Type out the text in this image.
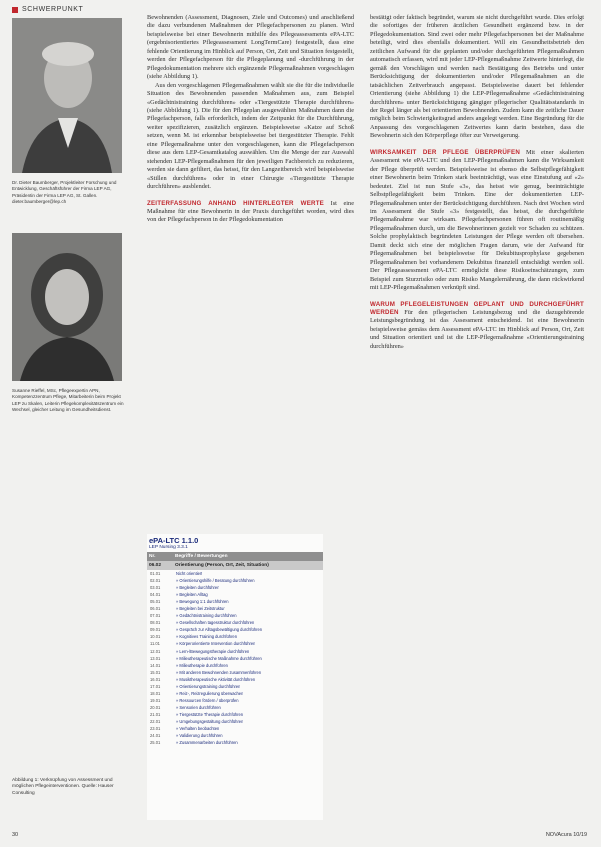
SCHWERPUNKT
Dr. Dieter Baumberger, Projektleiter Forschung und Entwicklung, Geschäftsführer der Firma LEP AG, Präsidentin der Firma LEP AG, St. Gallen. dieter.baumberger@lep.ch
Susanne Rieffel, MSc, Pflegeexpertin APN, Kompetenzzentrum Pflege, Mitarbeiterin beim Projekt LEP zu Skalen, Leiterin Pflegekomplexitätszentrum ein Wechsel, gleicher Leitung im Gesundheitsdienst.

Bewohnenden (Assessment, Diagnosen, Ziele und Outcomes) und anschließend die dazu verbundenen Maßnahmen der Pflegefachpersonen zu planen. Wird beispielsweise bei einer Bewohnerin mithilfe des Pflegeassessments ePA-LTC (ergebnisorientiertes Pflegeassessment LongTermCare) festgestellt, dass eine fehlende Orientierung im Hinblick auf Person, Ort, Zeit und Situation festgestellt, werden der Pflegefachperson für die Pflegeplanung und -durchführung in der Pflegedokumentation mehrere sich ergänzende Pflegemaßnahmen vorgeschlagen (siehe Abbildung 1).

Aus den vorgeschlagenen Pflegemaßnahmen wählt sie die für die individuelle Situation des Bewohnenden passenden Maßnahmen aus, zum Beispiel «Gedächtnistraining durchführen» oder «Tiergestützte Therapie durchführen» (siehe Abbildung 1). Die für den Pflegeplan ausgewählten Maßnahmen dann die Pflegefachperson, falls erforderlich, indem der Zeitpunkt für die Durchführung, weiter spezifizieren, zusätzlich ergänzen. Beispielsweise «Katze auf Schoß setzen, wenn M. ist erkennbar beispielsweise bei tiergestützter Therapie. Fehlt eine Pflegemaßnahme unter den vorgeschlagenen, kann die Pflegefachperson diese aus dem LEP-Gesamtkatalog auswählen. Um die Menge der zur Auswahl stehenden LEP-Pflegemaßnahmen für den jeweiligen Fachbereich zu reduzieren, werden sie dann gefiltert, das heisst, für den Langzeitbereich wird beispielsweise «Stillen durchführen» oder in einer Chirurgie «Tiergestützte Therapie durchführen» ausblendet.

ZEITERFASSUNG ANHAND HINTERLEGTER WERTE Ist eine Maßnahme für eine Bewohnerin in der Praxis durchgeführt worden, wird dies von der Pflegefachperson in der Pflegedokumentation

ePA-LTC 1.1.0
LEP Nursing 3.3.1
Nr.	Begriffe / Bewertungen
06.02	Orientierung (Person, Ort, Zeit, Situation)
01.01	Nicht orientiert
02.01	» Orientierungshilfe / Beratung durchführen
03.01	» Begleiten durchführen
04.01	» Begleiten Alltag
05.01	» Bewegung 1:1 durchführen
06.01	» Begleiten bei Zeitstruktur
07.01	» Gedächtnistraining durchführen
08.01	» Gesellschaften tagesstruktur durchführen
09.01	» Gespräch zur Alltagsbewältigung durchführen
10.01	» Kognitives Training durchführen
11.01	» Körperorientierte Intervention durchführen
12.01	» Lern-/Bewegungstherapie durchführen
13.01	» Milieutherapeutische Maßnahme durchführen
14.01	» Milieutherapie durchführen
15.01	» Mit anderen Bewohnenden zusammenführen
16.01	» Musiktherapeutische Aktivität durchführen
17.01	» Orientierungstraining durchführen
18.01	» Reiz-, Reizregulierung überwachen
19.01	» Ressourcen fördern / überprüfen
20.01	» Sensorien durchführen
21.01	» Tiergestützte Therapie durchführen
22.01	» Umgebungsgestaltung durchführen
23.01	» Verhalten beobachten
24.01	» Validierung durchführen
25.01	» Zusammenarbeiten durchführen
Abbildung 1: Verknüpfung von Assessment und möglichen Pflegeinterventionen. Quelle: Hauser Consulting

bestätigt oder faktisch begründet, warum sie nicht durchgeführt wurde. Dies erfolgt die sofortiges der früheren ärztlichen Gesundheit ergänzend bzw. in der Pflegedokumentation. Sind zwei oder mehr Pflegefachpersonen bei der Maßnahme beteiligt, wird dies ebenfalls dokumentiert. Will ein Gesundheitsbetrieb den zeitlichen Aufwand für die geplanten und/oder durchgeführten Pflegemaßnahmen automatisch erfassen, wird mit jeder LEP-Pflegemaßnahme Zeitwerte hinterlegt, die gemäß den Vorschlägen und werden nach Bestätigung des Betriebs und unter Berücksichtigung der dokumentierten und/oder Pflegemaßnahmen an die tatsächlichen Zeitverbrauch angepasst. Beispielsweise dauert bei fehlender Orientierung (siehe Abbildung 1) die LEP-Pflegemaßnahme «Gedächtnistraining durchführen» unter Berücksichtigung gängiger pflegerischer Qualitätsstandards in der Regel länger als bei orientierten Bewohnenden. Zudem kann die zeitliche Dauer möglich beim Schwierigkeitsgrad anders angelegt werden. Eine Begründung für die Anpassung des vorgeschlagenen Zeitwertes kann darin bestehen, dass die Bewohnerin sich den Körperpflege öfter zur Verweigerung.

WIRKSAMKEIT DER PFLEGE ÜBERPRÜFEN Mit einer skalierten Assessment wie ePA-LTC und den LEP-Pflegemaßnahmen kann die Wirksamkeit der Pflege überprüft werden. Beispielsweise ist ebenso die Selbstpflegefähigkeit einer Bewohnerin beim Trinken stark beeinträchtigt, was eine Einstufung auf «2» bedeutet. Ziel ist nun Stufe «3», das heisst wie genug, beeinträchtigte Selbstpflegefähigkeit beim Trinken. Eine der dokumentierten LEP-Pflegemaßnahmen unter der Berücksichtigung durchführen. Nach drei Wochen wird im Assessment die Stufe «3» festgestellt, das heisst, die durchgeführte Pflegemaßnahme war wirksam. Pflegefachpersonen führen oft routinemäßig Pflegemaßnahmen durch, um die Bewohnerinnen gezielt vor Schaden zu schützen. Solche prophylaktisch begründeten Leistungen der Pflege werden oft übersehen. Damit deckt sich eine der möglichen Fragen darum, wie der Aufwand für Pflegemaßnahmen bei beispielsweise für Dekubitusprophylaxe gegebenen Pflegemaßnahmen bei vorhandenem Dekubitus finanziell entschädigt werden soll. Der Pflegeassessment ePA-LTC ermöglicht diese Risikoeinschätzungen, zum Beispiel zum Sturzrisiko oder zum Risiko Mangelernährung, die dann rückwirkend mit LEP-Pflegemaßnahmen verknüpft sind.

WARUM PFLEGELEISTUNGEN GEPLANT UND DURCHGEFÜHRT WERDEN Für den pflegerischen Leistungsbezug und die dazugehörende Leistungsbegründung ist das Assessment entscheidend. Ist eine Bewohnerin beispielsweise gemäss dem Assessment ePA-LTC im Hinblick auf Person, Ort, Zeit und Situation orientiert und ist die LEP-Pflegemaßnahme «Orientierungstraining durchführen»

30	NOVAcura 10/19
